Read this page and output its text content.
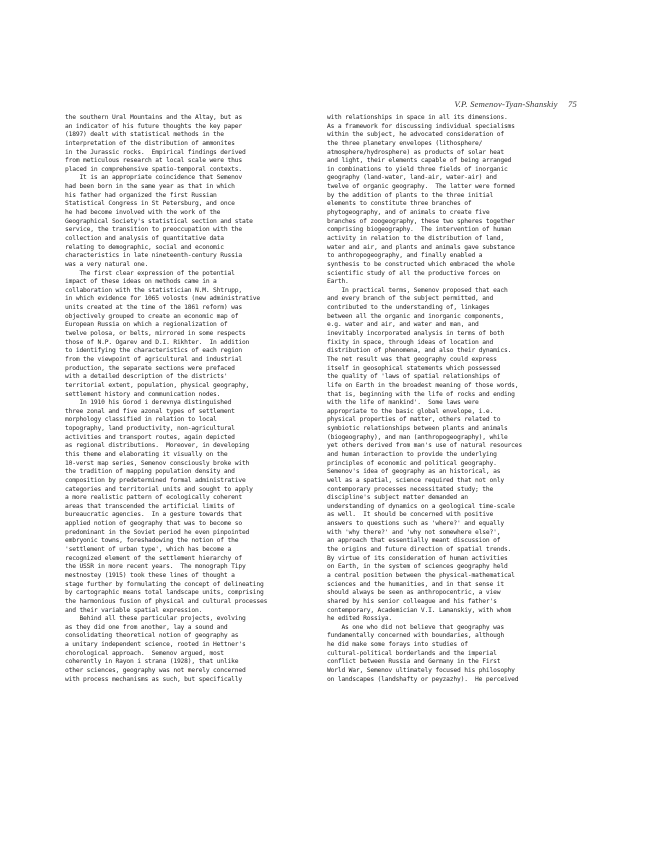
V.P. Semenov-Tyan-Shanskiy 75
the southern Ural Mountains and the Altay, but as
an indicator of his future thoughts the key paper
(1897) dealt with statistical methods in the
interpretation of the distribution of ammonites
in the Jurassic rocks.  Empirical findings derived
from meticulous research at local scale were thus
placed in comprehensive spatio-temporal contexts.
It is an appropriate coincidence that Semenov
had been born in the same year as that in which
his father had organized the first Russian
Statistical Congress in St Petersburg, and once
he had become involved with the work of the
Geographical Society's statistical section and state
service, the transition to preoccupation with the
collection and analysis of quantitative data
relating to demographic, social and economic
characteristics in late nineteenth-century Russia
was a very natural one.
The first clear expression of the potential
impact of these ideas on methods came in a
collaboration with the statistician N.M. Shtrupp,
in which evidence for 1065 volosts (new administrative
units created at the time of the 1861 reform) was
objectively grouped to create an economic map of
European Russia on which a regionalization of
twelve polosa, or belts, mirrored in some respects
those of N.P. Ogarev and D.I. Rikhter.  In addition
to identifying the characteristics of each region
from the viewpoint of agricultural and industrial
production, the separate sections were prefaced
with a detailed description of the districts'
territorial extent, population, physical geography,
settlement history and communication nodes.
In 1910 his Gorod i derevnya distinguished
three zonal and five azonal types of settlement
morphology classified in relation to local
topography, land productivity, non-agricultural
activities and transport routes, again depicted
as regional distributions.  Moreover, in developing
this theme and elaborating it visually on the
10-verst map series, Semenov consciously broke with
the tradition of mapping population density and
composition by predetermined formal administrative
categories and territorial units and sought to apply
a more realistic pattern of ecologically coherent
areas that transcended the artificial limits of
bureaucratic agencies.  In a gesture towards that
applied notion of geography that was to become so
predominant in the Soviet period he even pinpointed
embryonic towns, foreshadowing the notion of the
'settlement of urban type', which has become a
recognized element of the settlement hierarchy of
the USSR in more recent years.  The monograph Tipy
mestnostey (1915) took these lines of thought a
stage further by formulating the concept of delineating
by cartographic means total landscape units, comprising
the harmonious fusion of physical and cultural processes
and their variable spatial expression.
Behind all these particular projects, evolving
as they did one from another, lay a sound and
consolidating theoretical notion of geography as
a unitary independent science, rooted in Hettner's
chorological approach.  Semenov argued, most
coherently in Rayon i strana (1928), that unlike
other sciences, geography was not merely concerned
with process mechanisms as such, but specifically
with relationships in space in all its dimensions.
As a framework for discussing individual specialisms
within the subject, he advocated consideration of
the three planetary envelopes (lithosphere/
atmosphere/hydrosphere) as products of solar heat
and light, their elements capable of being arranged
in combinations to yield three fields of inorganic
geography (land-water, land-air, water-air) and
twelve of organic geography.  The latter were formed
by the addition of plants to the three initial
elements to constitute three branches of
phytogeography, and of animals to create five
branches of zoogeography, these two spheres together
comprising biogeography.  The intervention of human
activity in relation to the distribution of land,
water and air, and plants and animals gave substance
to anthropogeography, and finally enabled a
synthesis to be constructed which embraced the whole
scientific study of all the productive forces on
Earth.
In practical terms, Semenov proposed that each
and every branch of the subject permitted, and
contributed to the understanding of, linkages
between all the organic and inorganic components,
e.g. water and air, and water and man, and
inevitably incorporated analysis in terms of both
fixity in space, through ideas of location and
distribution of phenomena, and also their dynamics.
The net result was that geography could express
itself in geosophical statements which possessed
the quality of 'laws of spatial relationships of
life on Earth in the broadest meaning of those words,
that is, beginning with the life of rocks and ending
with the life of mankind'.  Some laws were
appropriate to the basic global envelope, i.e.
physical properties of matter, others related to
symbiotic relationships between plants and animals
(biogeography), and man (anthropogeography), while
yet others derived from man's use of natural resources
and human interaction to provide the underlying
principles of economic and political geography.
Semenov's idea of geography as an historical, as
well as a spatial, science required that not only
contemporary processes necessitated study; the
discipline's subject matter demanded an
understanding of dynamics on a geological time-scale
as well.  It should be concerned with positive
answers to questions such as 'where?' and equally
with 'why there?' and 'why not somewhere else?',
an approach that essentially meant discussion of
the origins and future direction of spatial trends.
By virtue of its consideration of human activities
on Earth, in the system of sciences geography held
a central position between the physical-mathematical
sciences and the humanities, and in that sense it
should always be seen as anthropocentric, a view
shared by his senior colleague and his father's
contemporary, Academician V.I. Lamanskiy, with whom
he edited Rossiya.
As one who did not believe that geography was
fundamentally concerned with boundaries, although
he did make some forays into studies of
cultural-political borderlands and the imperial
conflict between Russia and Germany in the First
World War, Semenov ultimately focused his philosophy
on landscapes (landshafty or peyzazhy).  He perceived
